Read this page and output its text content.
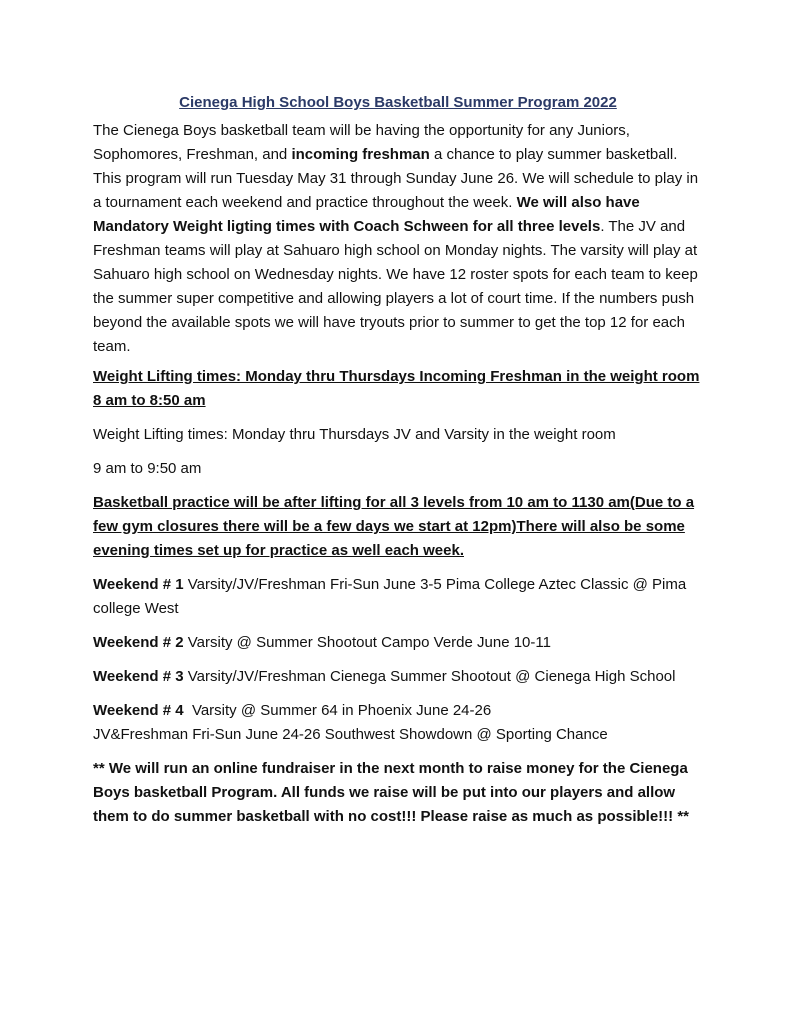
Cienega High School Boys Basketball Summer Program 2022

The Cienega Boys basketball team will be having the opportunity for any Juniors, Sophomores, Freshman, and incoming freshman a chance to play summer basketball. This program will run Tuesday May 31 through Sunday June 26. We will schedule to play in a tournament each weekend and practice throughout the week. We will also have Mandatory Weight ligting times with Coach Schween for all three levels. The JV and Freshman teams will play at Sahuaro high school on Monday nights. The varsity will play at Sahuaro high school on Wednesday nights. We have 12 roster spots for each team to keep the summer super competitive and allowing players a lot of court time. If the numbers push beyond the available spots we will have tryouts prior to summer to get the top 12 for each team.

Weight Lifting times: Monday thru Thursdays Incoming Freshman in the weight room 8 am to 8:50 am

Weight Lifting times: Monday thru Thursdays JV and Varsity in the weight room

9 am to 9:50 am

Basketball practice will be after lifting for all 3 levels from 10 am to 1130 am(Due to a few gym closures there will be a few days we start at 12pm)There will also be some evening times set up for practice as well each week.

Weekend # 1 Varsity/JV/Freshman Fri-Sun June 3-5 Pima College Aztec Classic @ Pima college West

Weekend # 2 Varsity @ Summer Shootout Campo Verde June 10-11

Weekend # 3 Varsity/JV/Freshman Cienega Summer Shootout @ Cienega High School

Weekend # 4  Varsity @ Summer 64 in Phoenix June 24-26
JV&Freshman Fri-Sun June 24-26 Southwest Showdown @ Sporting Chance

** We will run an online fundraiser in the next month to raise money for the Cienega Boys basketball Program. All funds we raise will be put into our players and allow them to do summer basketball with no cost!!! Please raise as much as possible!!! **
